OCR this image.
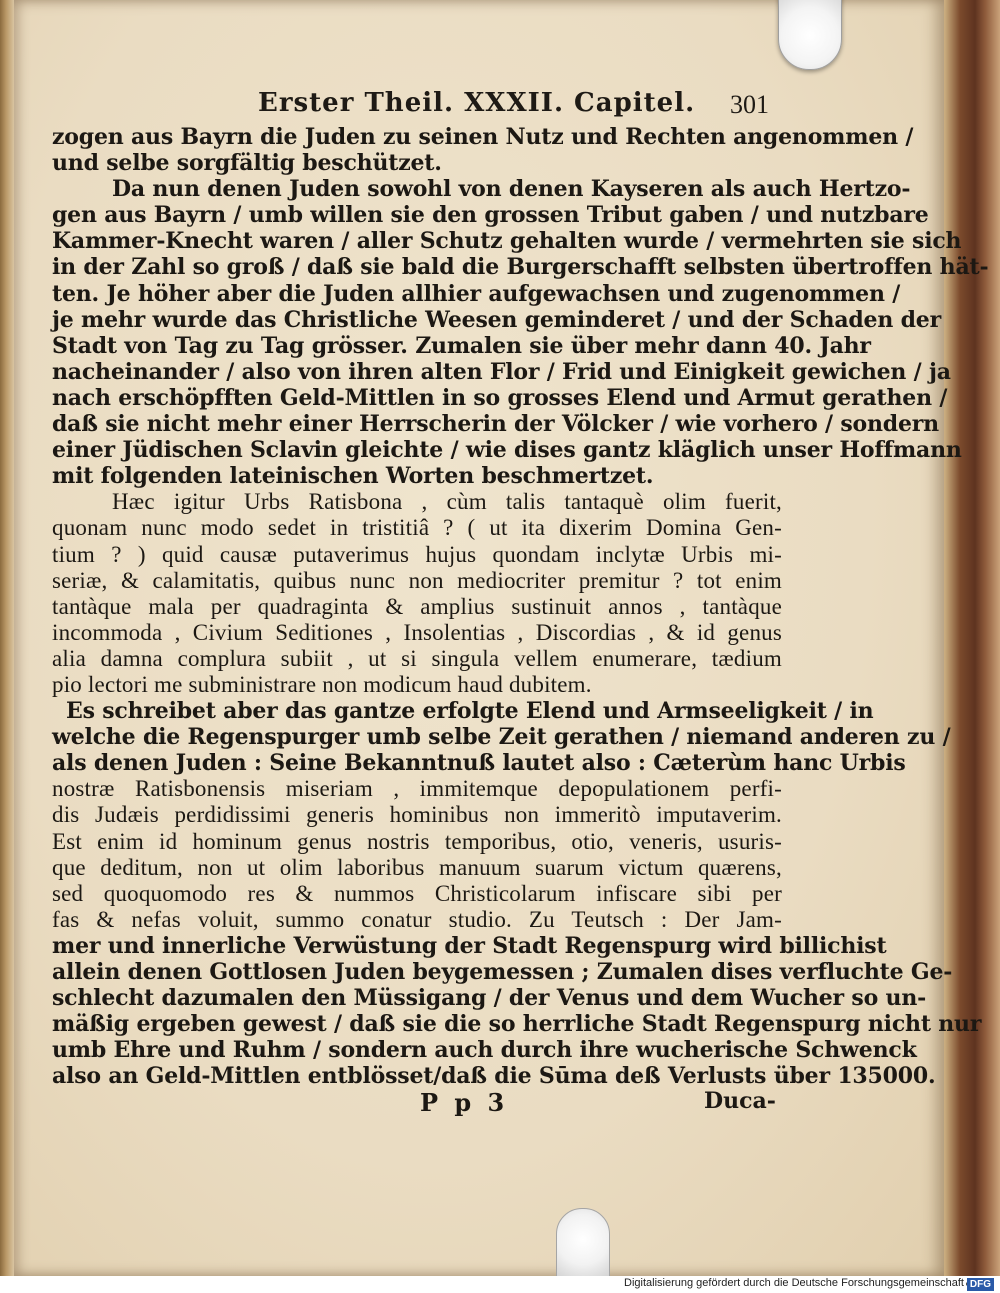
Erster Theil. XXXII. Capitel. 301
zogen aus Bayrn die Juden zu seinen Nutz und Rechten angenommen /
und selbe sorgfältig beschützet.
Da nun denen Juden sowohl von denen Kayseren als auch Hertzo-
gen aus Bayrn / umb willen sie den grossen Tribut gaben / und nutzbare
Kammer-Knecht waren / aller Schutz gehalten wurde / vermehrten sie sich
in der Zahl so groß / daß sie bald die Burgerschafft selbsten übertroffen hät-
ten. Je höher aber die Juden allhier aufgewachsen und zugenommen /
je mehr wurde das Christliche Weesen geminderet / und der Schaden der
Stadt von Tag zu Tag grösser. Zumalen sie über mehr dann 40. Jahr
nacheinander / also von ihren alten Flor / Frid und Einigkeit gewichen / ja
nach erschöpfften Geld-Mittlen in so grosses Elend und Armut gerathen /
daß sie nicht mehr einer Herrscherin der Völcker / wie vorhero / sondern
einer Jüdischen Sclavin gleichte / wie dises gantz kläglich unser Hoffmann
mit folgenden lateinischen Worten beschmertzet.
Hæc igitur Urbs Ratisbona , cùm talis tantaquè olim fuerit,
quonam nunc modo sedet in tristitiâ ? ( ut ita dixerim Domina Gen-
tium ? ) quid causæ putaverimus hujus quondam inclytæ Urbis mi-
seriæ, & calamitatis, quibus nunc non mediocriter premitur ? tot enim
tantàque mala per quadraginta & amplius sustinuit annos , tantàque
incommoda , Civium Seditiones , Insolentias , Discordias , & id genus
alia damna complura subiit , ut si singula vellem enumerare, tædium
pio lectori me subministrare non modicum haud dubitem.
Es schreibet aber das gantze erfolgte Elend und Armseeligkeit / in
welche die Regenspurger umb selbe Zeit gerathen / niemand anderen zu /
als denen Juden : Seine Bekanntnuß lautet also : Cæterùm hanc Urbis
nostræ Ratisbonensis miseriam , immitemque depopulationem perfi-
dis Judæis perdidissimi generis hominibus non immeritò imputaverim.
Est enim id hominum genus nostris temporibus, otio, veneris, usuris-
que deditum, non ut olim laboribus manuum suarum victum quærens,
sed quoquomodo res & nummos Christicolarum infiscare sibi per
fas & nefas voluit, summo conatur studio. Zu Teutsch : Der Jam-
mer und innerliche Verwüstung der Stadt Regenspurg wird billichist
allein denen Gottlosen Juden beygemessen ; Zumalen dises verfluchte Ge-
schlecht dazumalen den Müssigang / der Venus und dem Wucher so un-
mäßig ergeben gewest / daß sie die so herrliche Stadt Regenspurg nicht nur
umb Ehre und Ruhm / sondern auch durch ihre wucherische Schwenck
also an Geld-Mittlen entblösset/daß die Sūma deß Verlusts über 135000.
P p 3	Duca-
Digitalisierung gefördert durch die Deutsche Forschungsgemeinschaft DFG
